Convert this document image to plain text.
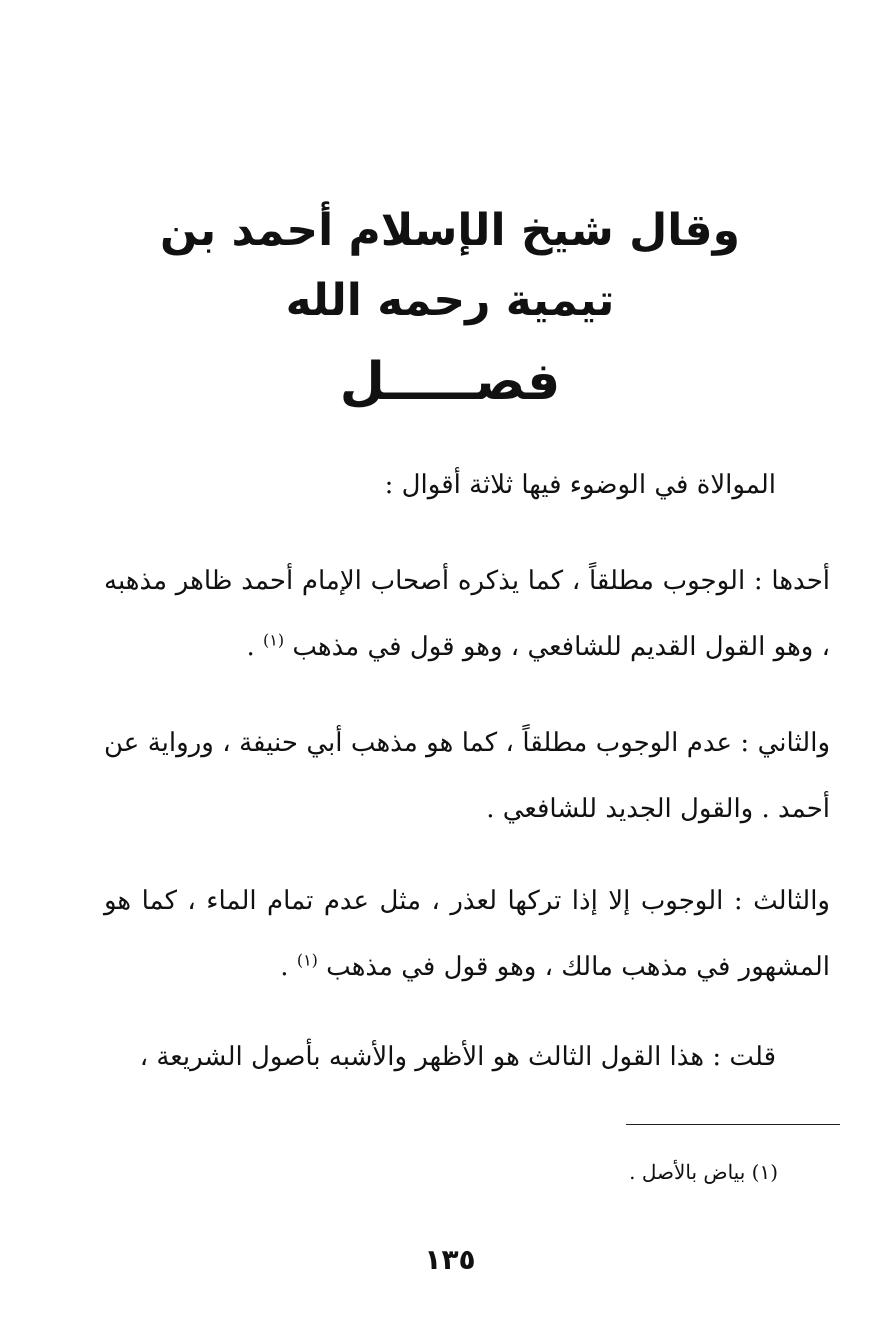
وقال شيخ الإسلام أحمد بن تيمية رحمه الله
فصـــــل
الموالاة في الوضوء فيها ثلاثة أقوال :
أحدها : الوجوب مطلقاً ، كما يذكره أصحاب الإمام أحمد ظاهر مذهبه ، وهو القول القديم للشافعي ، وهو قول في مذهب $^{(١)}$ .
والثاني : عدم الوجوب مطلقاً ، كما هو مذهب أبي حنيفة ، ورواية عن أحمد . والقول الجديد للشافعي .
والثالث : الوجوب إلا إذا تركها لعذر ، مثل عدم تمام الماء ، كما هو المشهور في مذهب مالك ، وهو قول في مذهب $^{(١)}$ .
قلت : هذا القول الثالث هو الأظهر والأشبه بأصول الشريعة ،
(١) بياض بالأصل .
١٣٥
